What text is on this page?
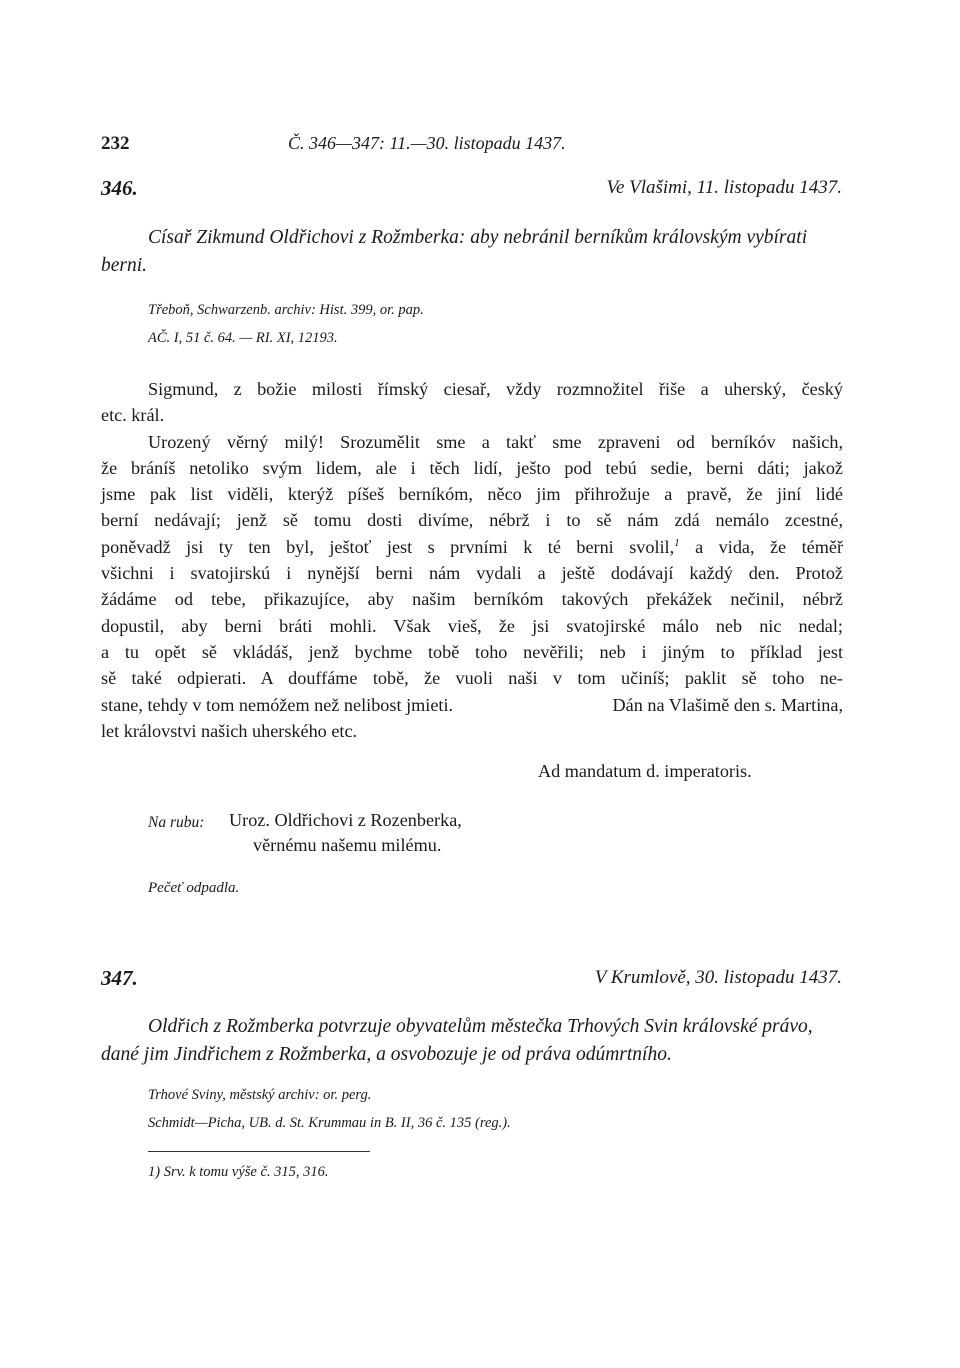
232	Č. 346—347: 11.—30. listopadu 1437.
346.	Ve Vlašimi, 11. listopadu 1437.
Císař Zikmund Oldřichovi z Rožmberka: aby nebránil berníkům královským vybírati berni.
Třeboň, Schwarzenb. archiv: Hist. 399, or. pap.
AČ. I, 51 č. 64. — RI. XI, 12193.
Sigmund, z božie milosti římský ciesař, vždy rozmnožitel řiše a uherský, český
etc. král.
Urozený věrný milý! Srozumělit sme a takť sme zpraveni od berníkóv našich,
že bráníš netoliko svým lidem, ale i těch lidí, ješto pod tebú sedie, berni dáti; jakož
jsme pak list viděli, kterýž píšeš berníkóm, něco jim přihrožuje a pravě, že jiní lidé
berní nedávají; jenž sě tomu dosti divíme, nébrž i to sě nám zdá nemálo zcestné,
poněvadž jsi ty ten byl, ještoť jest s prvními k té berni svolil,$^1$ a vida, že téměř
všichni i svatojirskú i nynější berni nám vydali a ještě dodávají každý den. Protož
žádáme od tebe, přikazujíce, aby našim berníkóm takových překážek nečinil, nébrž
dopustil, aby berni bráti mohli. Však vieš, že jsi svatojirské málo neb nic nedal;
a tu opět sě vkládáš, jenž bychme tobě toho nevěřili; neb i jiným to příklad jest
sě také odpierati. A douffáme tobě, že vuoli naši v tom učiníš; paklit sě toho ne-
stane, tehdy v tom nemóžem než nelibost jmieti.	Dán na Vlašimě den s. Martina,
let královstvi našich uherského etc.
Ad mandatum d. imperatoris.
Na rubu: Uroz. Oldřichovi z Rozenberka,
věrnému našemu milému.
Pečeť odpadla.
347.	V Krumlově, 30. listopadu 1437.
Oldřich z Rožmberka potvrzuje obyvatelům městečka Trhových Svin královské právo, dané jim Jindřichem z Rožmberka, a osvobozuje je od práva odúmrtního.
Trhové Sviny, městský archiv: or. perg.
Schmidt—Picha, UB. d. St. Krummau in B. II, 36 č. 135 (reg.).
1) Srv. k tomu výše č. 315, 316.
